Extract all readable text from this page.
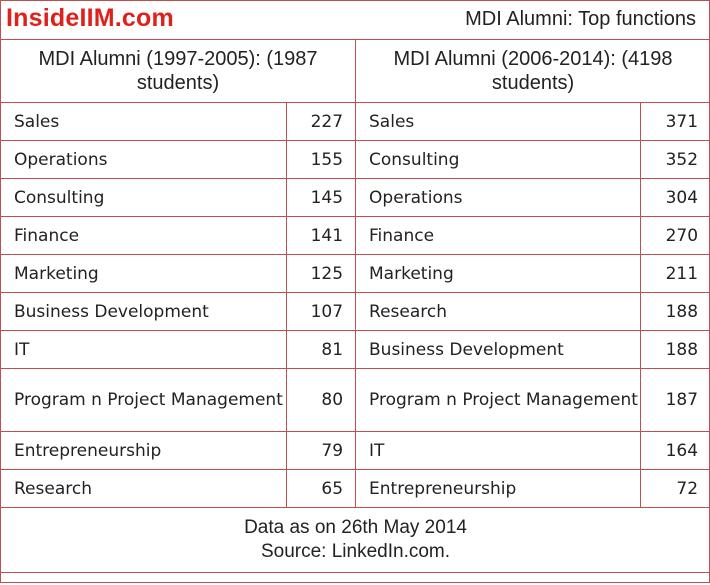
InsideIIM.com	MDI Alumni: Top functions
MDI Alumni (1997-2005): (1987 students)		MDI Alumni (2006-2014): (4198 students)	
Sales	227	Sales	371
Operations	155	Consulting	352
Consulting	145	Operations	304
Finance	141	Finance	270
Marketing	125	Marketing	211
Business Development	107	Research	188
IT	81	Business Development	188
Program n Project Management	80	Program n Project Management	187
Entrepreneurship	79	IT	164
Research	65	Entrepreneurship	72

Data as on 26th May 2014
Source: LinkedIn.com.			
